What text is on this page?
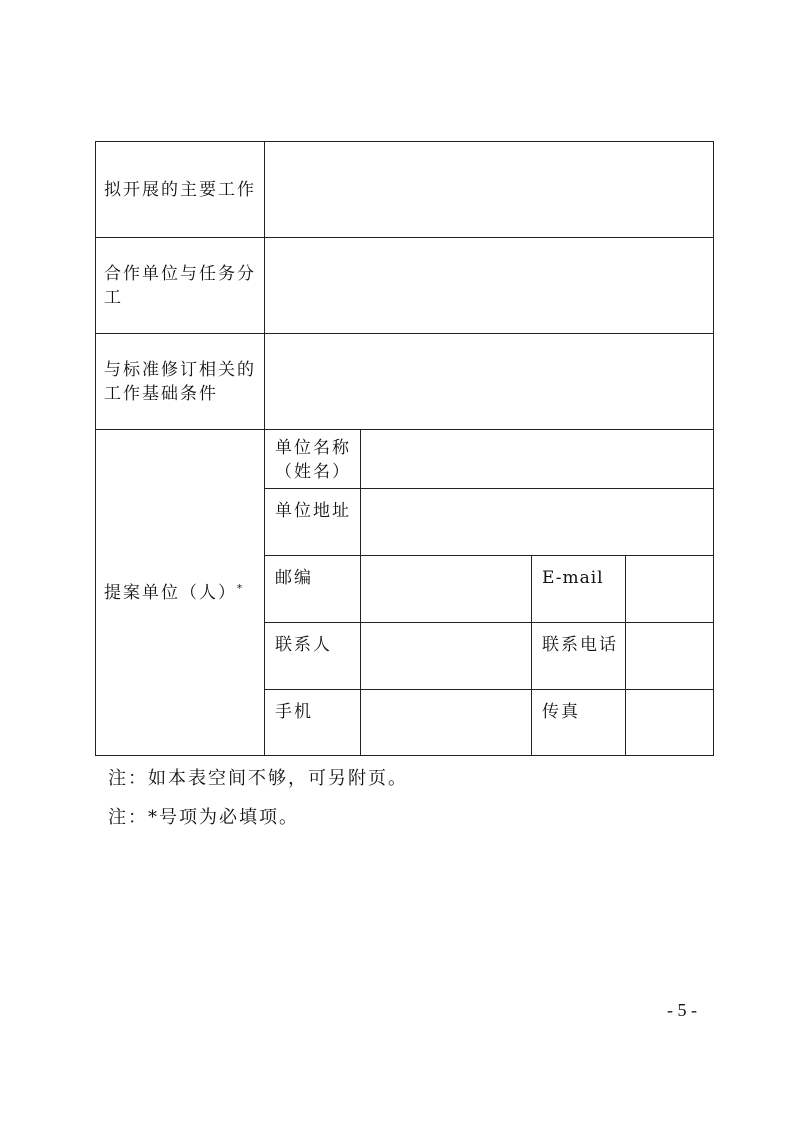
拟开展的主要工作				
合作单位与任务分工				
与标准修订相关的工作基础条件				
提案单位（人）*	单位名称（姓名）			
	单位地址			
	邮编		E-mail	
	联系人		联系电话	
	手机		传真	
注：如本表空间不够，可另附页。
注：*号项为必填项。
- 5 -
